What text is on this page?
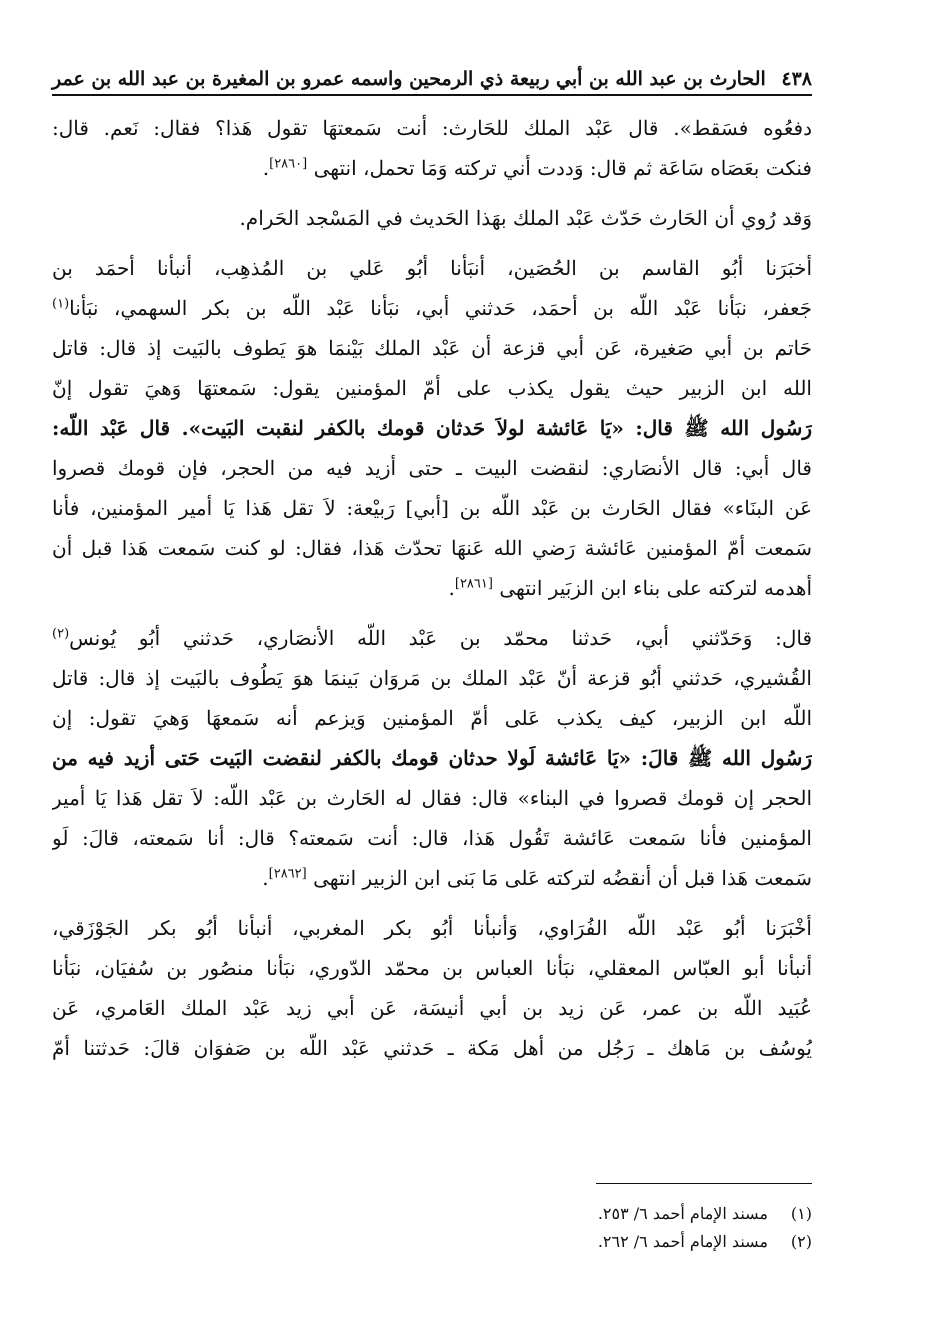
٤٣٨
الحارث بن عبد الله بن أبي ربيعة ذي الرمحين واسمه عمرو بن المغيرة بن عبد الله بن عمر
دفعُوه فسَقط». قال عَبْد الملك للحَارث: أنت سَمعتهَا تقول هَذا؟ فقال: نَعم. قال:
فنكت بعَصَاه سَاعَة ثم قال: وَددت أني تركته وَمَا تحمل، انتهى [٢٨٦٠].
وَقد رُوي أن الحَارث حَدّث عَبْد الملك بهَذا الحَديث في المَسْجد الحَرام.
أخبَرَنا أبُو القاسم بن الحُصَين، أنبَأنا أبُو عَلي بن المُذهِب، أنبأنا أحمَد بن
جَعفر، نبَأنا عَبْد اللّه بن أحمَد، حَدثني أبي، نبَأنا عَبْد اللّه بن بكر السهمي، نبَأنا$^{(١)}$
حَاتم بن أبي صَغيرة، عَن أبي قزعة أن عَبْد الملك بَيْنمَا هوَ يَطوف بالبَيت إذ قال: قاتل
الله ابن الزبير حيث يقول يكذب على أمّ المؤمنين يقول: سَمعتهَا وَهيَ تقول إنّ
رَسُول الله ﷺ قال: «يَا عَائشة لولاَ حَدثان قومك بالكفر لنقبت البَيت». قال عَبْد اللّه:
قال أبي: قال الأنصَاري: لنقضت البيت ـ حتى أزيد فيه من الحجر، فإن قومك قصروا
عَن البنَاء» فقال الحَارث بن عَبْد اللّه بن [أبي] رَبيْعة: لاَ تقل هَذا يَا أمير المؤمنين، فأنا
سَمعت أمّ المؤمنين عَائشة رَضي الله عَنهَا تحدّث هَذا، فقال: لو كنت سَمعت هَذا قبل أن
أهدمه لتركته على بناء ابن الزبَير انتهى [٢٨٦١].
قال: وَحَدّثني أبي، حَدثنا محمّد بن عَبْد اللّه الأنصَاري، حَدثني أبُو يُونس$^{(٢)}$
القُشيري، حَدثني أبُو قزعة أنّ عَبْد الملك بن مَروَان بَينمَا هوَ يَطُوف بالبَيت إذ قال: قاتل
اللّه ابن الزبير، كيف يكذب عَلى أمّ المؤمنين وَيزعم أنه سَمعهَا وَهيَ تقول: إن
رَسُول الله ﷺ قالَ: «يَا عَائشة لَولا حدثان قومك بالكفر لنقضت البَيت حَتى أزيد فيه من
الحجر إن قومك قصروا في البناء» قال: فقال له الحَارث بن عَبْد اللّه: لاَ تقل هَذا يَا أمير
المؤمنين فأنا سَمعت عَائشة تَقُول هَذا، قال: أنت سَمعته؟ قال: أنا سَمعته، قالَ: لَو
سَمعت هَذا قبل أن أنقضُه لتركته عَلى مَا بَنى ابن الزبير انتهى [٢٨٦٢].
أخْبَرَنا أبُو عَبْد اللّه الفُرَاوي، وَأنبأنا أبُو بكر المغربي، أنبأنا أبُو بكر الجَوْزَقي،
أنبأنا أبو العبّاس المعقلي، نبَأنا العباس بن محمّد الدّوري، نبَأنا منصُور بن سُفيَان، نبَأنا
عُبَيد اللّه بن عمر، عَن زيد بن أبي أنيسَة، عَن أبي زيد عَبْد الملك العَامري، عَن
يُوسُف بن مَاهك ـ رَجُل من أهل مَكة ـ حَدثني عَبْد اللّه بن صَفوَان قالَ: حَدثتنا أمّ
(١)مسند الإمام أحمد ٦/ ٢٥٣.
(٢)مسند الإمام أحمد ٦/ ٢٦٢.
